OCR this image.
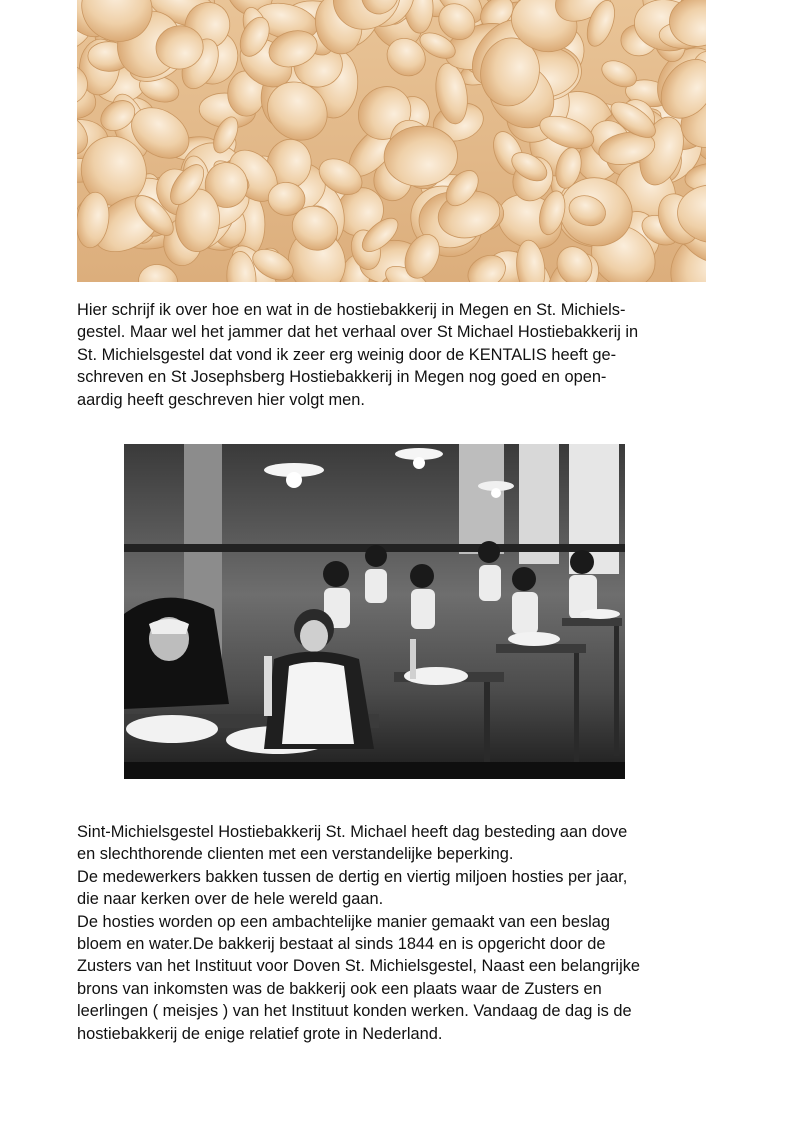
Hier schrijf ik over hoe en wat in de hostiebakkerij in Megen en St. Michiels-
gestel. Maar wel het jammer dat het verhaal over St Michael Hostiebakkerij in
St. Michielsgestel dat vond ik zeer erg weinig door de KENTALIS heeft ge-
schreven en St Josephsberg Hostiebakkerij in Megen nog goed en open-
aardig heeft geschreven hier volgt men.
Sint-Michielsgestel Hostiebakkerij St. Michael heeft dag besteding aan dove
en slechthorende clienten met een verstandelijke beperking.
De medewerkers bakken tussen de dertig en viertig miljoen hosties per jaar,
die naar kerken over de hele wereld gaan.
De hosties worden op een ambachtelijke manier gemaakt van een beslag
bloem en water.De bakkerij bestaat al sinds 1844 en is opgericht door de
Zusters van het Instituut voor Doven St. Michielsgestel, Naast een belangrijke
brons van inkomsten was de bakkerij ook een plaats waar de Zusters en
leerlingen ( meisjes ) van het Instituut konden werken. Vandaag de dag is de
hostiebakkerij de enige relatief grote in Nederland.
